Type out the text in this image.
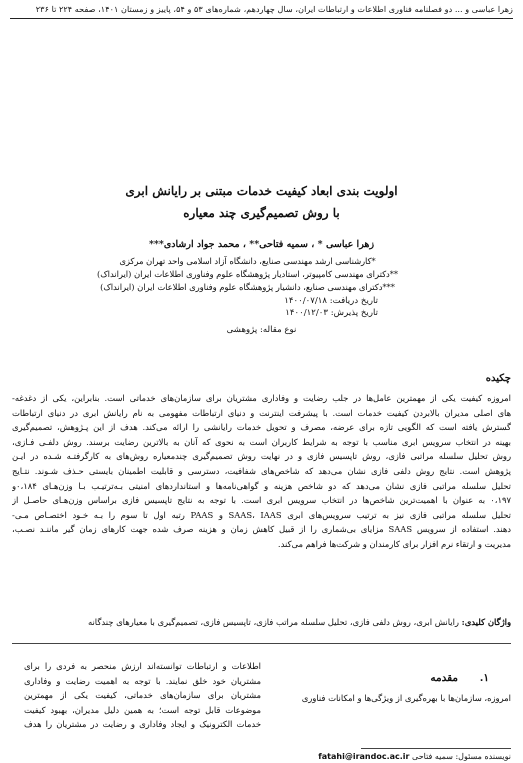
زهرا عباسی و ... دو فصلنامه فناوری اطلاعات و ارتباطات ایران، سال چهاردهم، شماره‌های ۵۳ و ۵۴، پاییز و زمستان ۱۴۰۱، صفحه ۲۲۴ تا ۲۳۶

اولویت بندی ابعاد کیفیت خدمات مبتنی بر رایانش ابری

با روش تصمیم‌گیری چند معیاره

زهرا عباسی * ، سمیه فتاحی** ، محمد جواد ارشادی***
*کارشناسی ارشد مهندسی صنایع، دانشگاه آزاد اسلامی واحد تهران مرکزی
**دکترای مهندسی کامپیوتر، استادیار پژوهشگاه علوم وفناوری اطلاعات ایران (ایرانداک)
***دکترای مهندسی صنایع، دانشیار پژوهشگاه علوم وفناوری اطلاعات ایران (ایرانداک)
تاریخ دریافت: ۱۴۰۰/۰۷/۱۸
تاریخ پذیرش: ۱۴۰۰/۱۲/۰۳
نوع مقاله: پژوهشی
چکیده
امروزه کیفیت یکی از مهمترین عامل‌ها در جلب رضایت و وفاداری مشتریان برای سازمان‌های خدماتی است. بنابراین، یکی از دغدغه-
های اصلی مدیران بالابردن کیفیت خدمات است. با پیشرفت اینترنت و دنیای ارتباطات مفهومی به نام رایانش ابری در دنیای ارتباطات
گسترش یافته است که الگویی تازه برای عرضه، مصرف و تحویل خدمات رایانشی را ارائه می‌کند. هدف از این پـژوهش، تصمیم‌گیری
بهینه در انتخاب سرویس ابری مناسب با توجه به شرایط کاربران است به نحوی که آنان به بالاترین رضایت برسند. روش دلفـی فـازی،
روش تحلیل سلسله مراتبی فازی، روش تاپسیس فازی و در نهایت روش تصمیم‌گیری چندمعیاره روش‌های به کارگرفتـه شـده در ایـن
پژوهش است. نتایج روش دلفی فازی نشان می‌دهد که شاخص‌های شفافیت، دسترسی و قابلیت اطمینان بایستی حـذف شـوند. نتـایج
تحلیل سلسله مراتبی فازی نشان می‌دهد که دو شاخص هزینه و گواهی‌نامه‌ها و استانداردهای امنیتی بـه‌ترتیـب بـا وزن‌هـای ۰،۱۸۴و
۰،۱۹۷ به عنوان با اهمیت‌ترین شاخص‌ها در انتخاب سرویس ابری است. با توجه به نتایج تاپسیس فازی براساس وزن‌هـای حاصـل از
تحلیل سلسله مراتبی فازی نیز به ترتیب سرویس‌های ابری SAAS، IAAS و PAAS رتبه اول تا سوم را بـه خـود اختصـاص مـی-
دهند. استفاده از سرویس SAAS مزایای بی‌شماری را از قبیل کاهش زمان و هزینه صرف شده جهت کارهای زمان گیر ماننـد نصـب،
مدیریت و ارتقاء نرم افزار برای کارمندان و شرکت‌ها فراهم می‌کند.
واژگان کلیدی: رایانش ابری، روش دلفی فازی، تحلیل سلسله مراتب فازی، تاپسیس فازی، تصمیم‌گیری با معیارهای چندگانه
۱. مقدمه
امروزه، سازمان‌ها با بهره‌گیری از ویژگی‌ها و امکانات فناوری
اطلاعات و ارتباطات توانسته‌اند ارزش منحصر به فردی را برای
مشتریان خود خلق نمایند. با توجه به اهمیت رضایت و وفاداری
مشتریان برای سازمان‌های خدماتی، کیفیت یکی از مهمترین
موضوعات قابل توجه است؛ به همین دلیل مدیران، بهبود کیفیت
خدمات الکترونیک و ایجاد وفاداری و رضایت در مشتریان را هدف
نویسنده مسئول: سمیه فتاحی fatahi@irandoc.ac.ir
